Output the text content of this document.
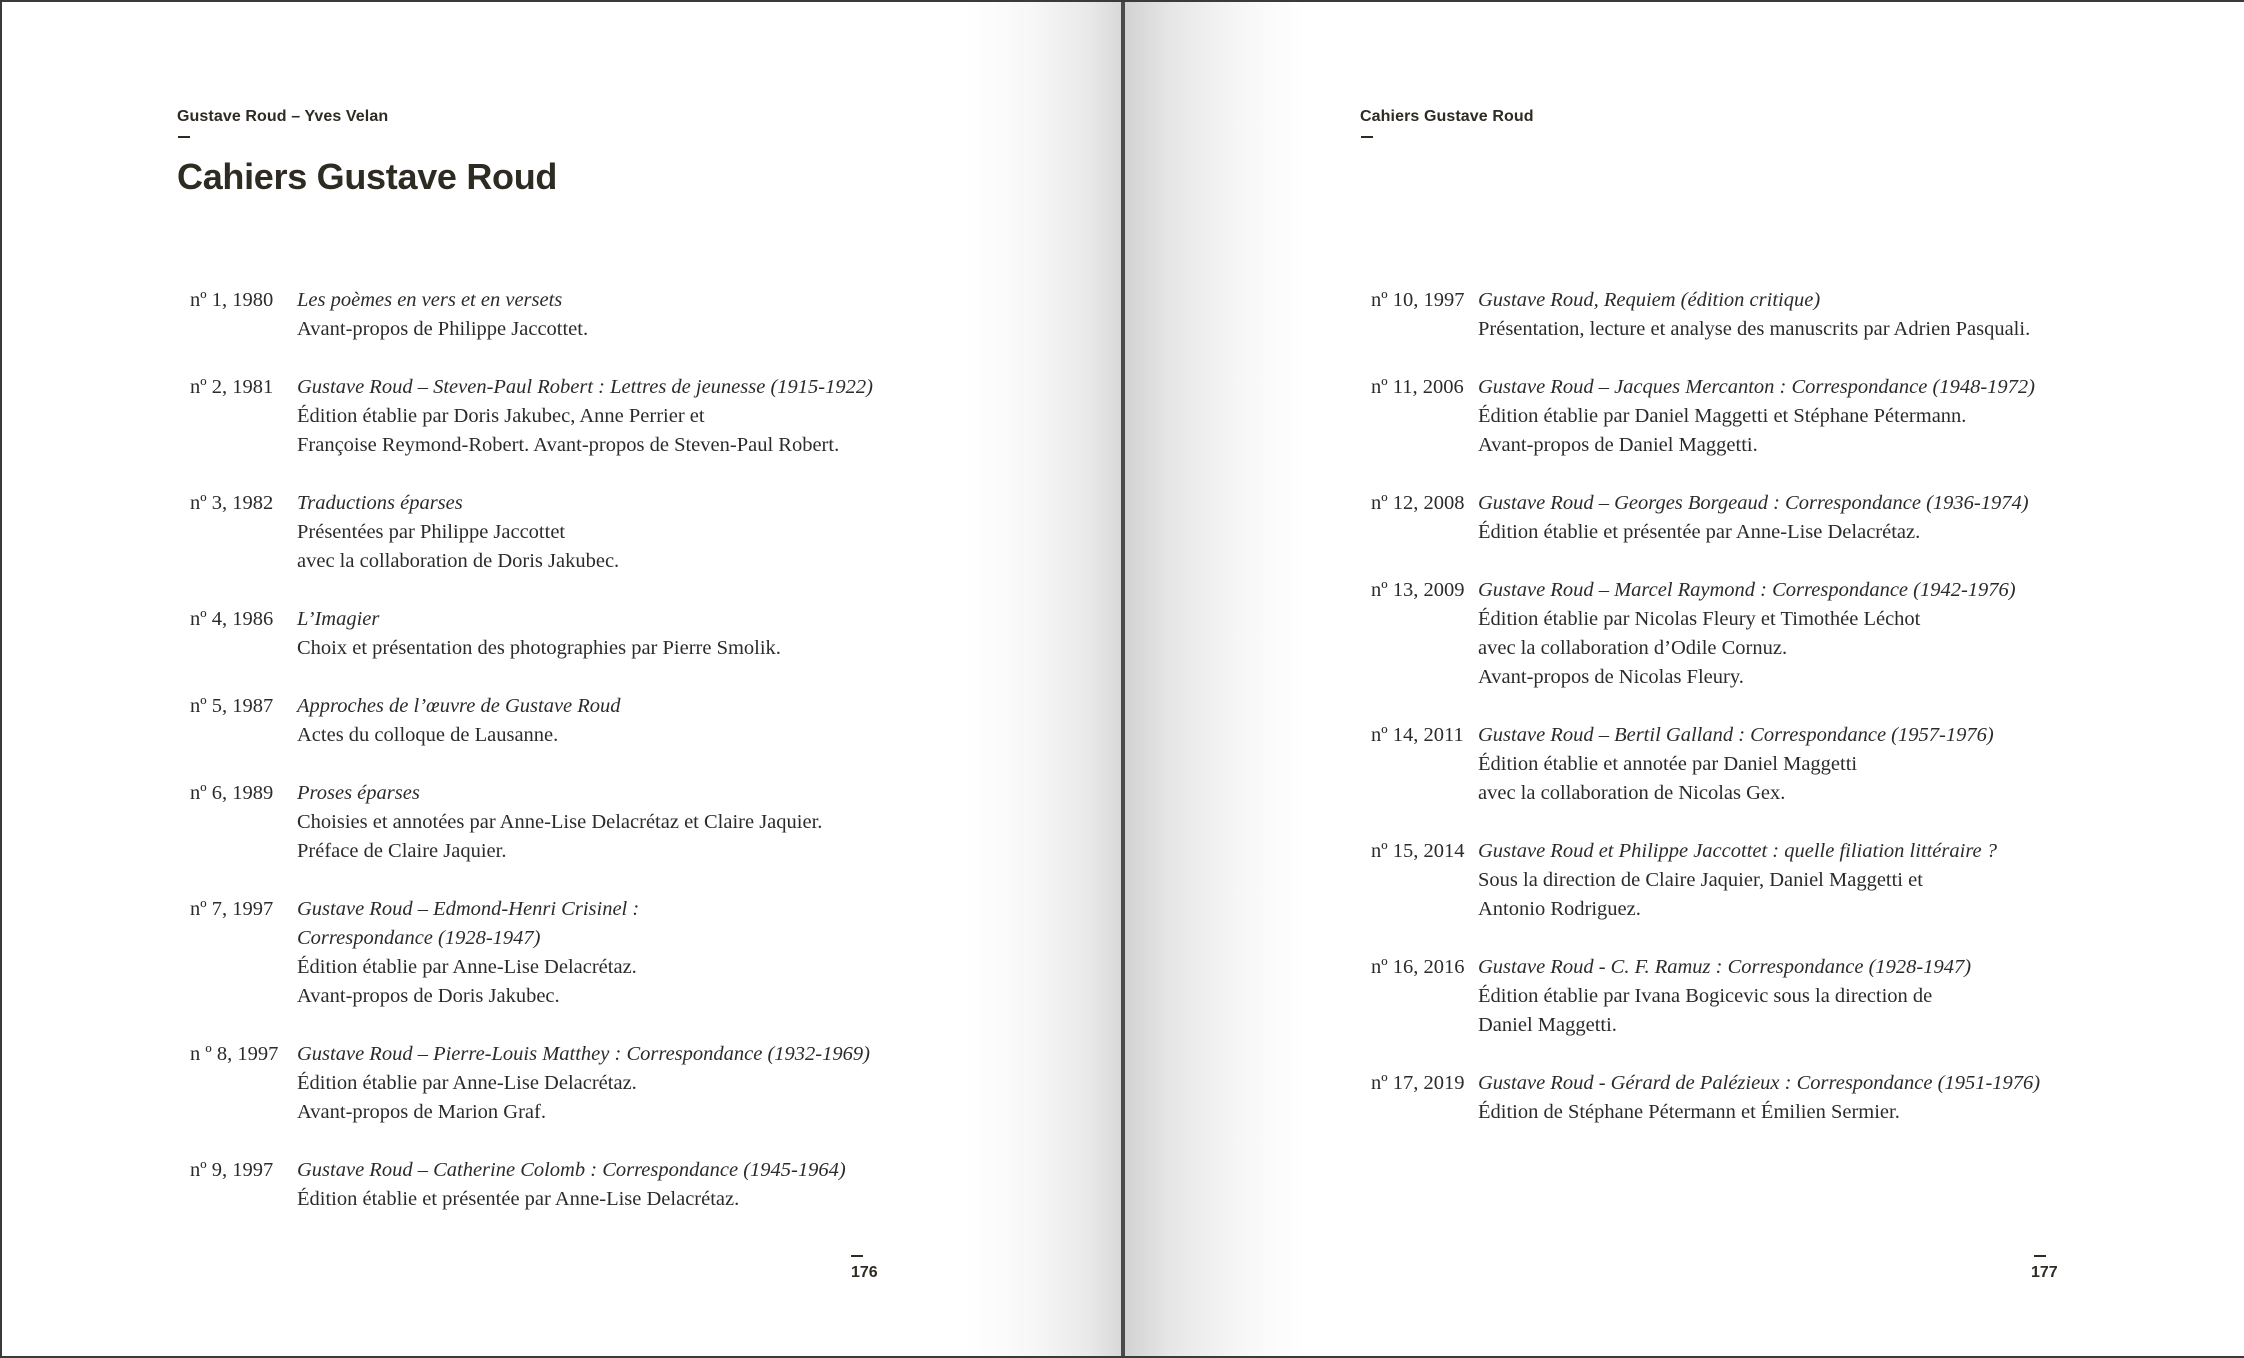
Gustave Roud – Yves Velan
Cahiers Gustave Roud
nº 1, 1980	Les poèmes en vers et en versets
Avant-propos de Philippe Jaccottet.
nº 2, 1981	Gustave Roud – Steven-Paul Robert : Lettres de jeunesse (1915-1922)
Édition établie par Doris Jakubec, Anne Perrier et
Françoise Reymond-Robert. Avant-propos de Steven-Paul Robert.
nº 3, 1982	Traductions éparses
Présentées par Philippe Jaccottet
avec la collaboration de Doris Jakubec.
nº 4, 1986	L’Imagier
Choix et présentation des photographies par Pierre Smolik.
nº 5, 1987	Approches de l’œuvre de Gustave Roud
Actes du colloque de Lausanne.
nº 6, 1989	Proses éparses
Choisies et annotées par Anne-Lise Delacrétaz et Claire Jaquier.
Préface de Claire Jaquier.
nº 7, 1997	Gustave Roud – Edmond-Henri Crisinel :
Correspondance (1928-1947)
Édition établie par Anne-Lise Delacrétaz.
Avant-propos de Doris Jakubec.
n º 8, 1997 Gustave Roud – Pierre-Louis Matthey : Correspondance (1932-1969)
Édition établie par Anne-Lise Delacrétaz.
Avant-propos de Marion Graf.
nº 9, 1997	Gustave Roud – Catherine Colomb : Correspondance (1945-1964)
Édition établie et présentée par Anne-Lise Delacrétaz.
176
Cahiers Gustave Roud
nº 10, 1997 Gustave Roud, Requiem (édition critique)
Présentation, lecture et analyse des manuscrits par Adrien Pasquali.
nº 11, 2006 Gustave Roud – Jacques Mercanton : Correspondance (1948-1972)
Édition établie par Daniel Maggetti et Stéphane Pétermann.
Avant-propos de Daniel Maggetti.
nº 12, 2008 Gustave Roud – Georges Borgeaud : Correspondance (1936-1974)
Édition établie et présentée par Anne-Lise Delacrétaz.
nº 13, 2009 Gustave Roud – Marcel Raymond : Correspondance (1942-1976)
Édition établie par Nicolas Fleury et Timothée Léchot
avec la collaboration d’Odile Cornuz.
Avant-propos de Nicolas Fleury.
nº 14, 2011 Gustave Roud – Bertil Galland : Correspondance (1957-1976)
Édition établie et annotée par Daniel Maggetti
avec la collaboration de Nicolas Gex.
nº 15, 2014 Gustave Roud et Philippe Jaccottet : quelle filiation littéraire ?
Sous la direction de Claire Jaquier, Daniel Maggetti et
Antonio Rodriguez.
nº 16, 2016 Gustave Roud - C. F. Ramuz : Correspondance (1928-1947)
Édition établie par Ivana Bogicevic sous la direction de
Daniel Maggetti.
nº 17, 2019 Gustave Roud - Gérard de Palézieux : Correspondance (1951-1976)
Édition de Stéphane Pétermann et Émilien Sermier.
177
